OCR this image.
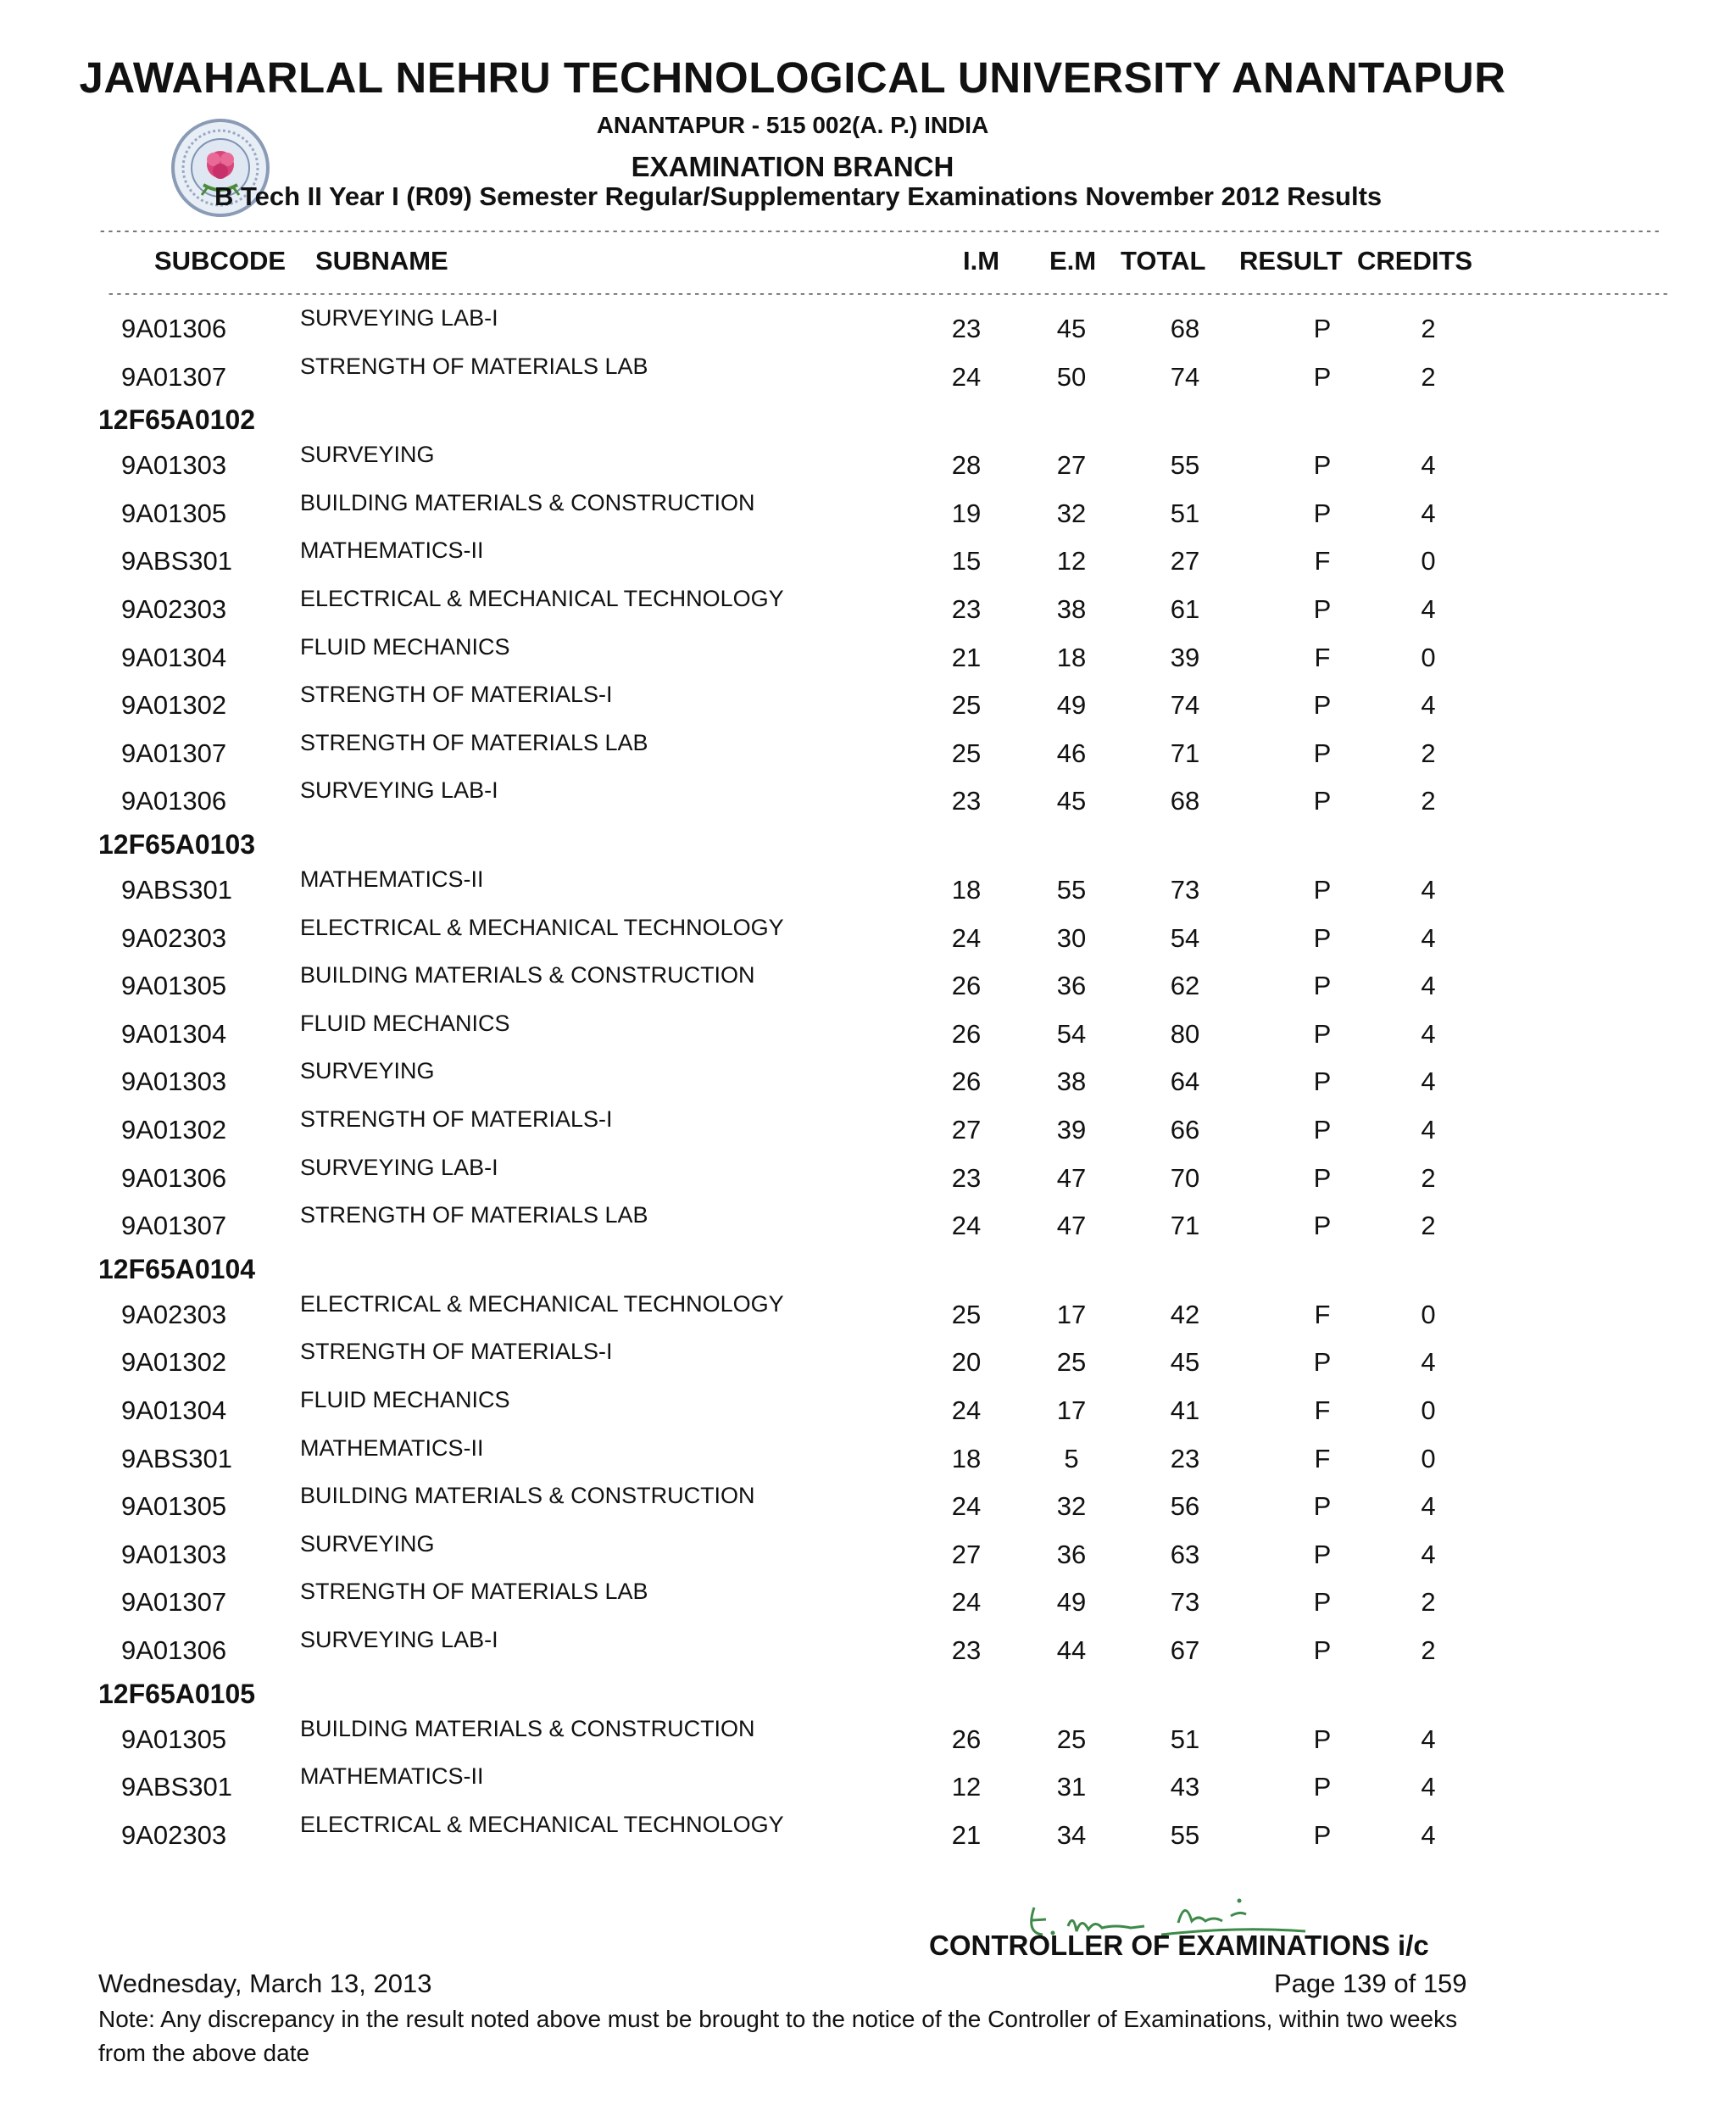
JAWAHARLAL NEHRU TECHNOLOGICAL UNIVERSITY ANANTAPUR
ANANTAPUR - 515 002(A. P.) INDIA
EXAMINATION BRANCH
B Tech II Year I (R09) Semester Regular/Supplementary Examinations November 2012 Results
------------------------------------------------------------------------------------------------------------------------------------------------------------------------------------------------
------------------------------------------------------------------------------------------------------------------------------------------------------------------------------------------------
SUBCODE SUBNAME	I.M E.M TOTAL RESULT CREDITS
9A01306	SURVEYING LAB-I	23	45	68	P	2
9A01307	STRENGTH OF MATERIALS LAB	24	50	74	P	2
12F65A0102
9A01303	SURVEYING	28	27	55	P	4
9A01305	BUILDING MATERIALS & CONSTRUCTION	19	32	51	P	4
9ABS301	MATHEMATICS-II	15	12	27	F	0
9A02303	ELECTRICAL & MECHANICAL TECHNOLOGY	23	38	61	P	4
9A01304	FLUID MECHANICS	21	18	39	F	0
9A01302	STRENGTH OF MATERIALS-I	25	49	74	P	4
9A01307	STRENGTH OF MATERIALS LAB	25	46	71	P	2
9A01306	SURVEYING LAB-I	23	45	68	P	2
12F65A0103
9ABS301	MATHEMATICS-II	18	55	73	P	4
9A02303	ELECTRICAL & MECHANICAL TECHNOLOGY	24	30	54	P	4
9A01305	BUILDING MATERIALS & CONSTRUCTION	26	36	62	P	4
9A01304	FLUID MECHANICS	26	54	80	P	4
9A01303	SURVEYING	26	38	64	P	4
9A01302	STRENGTH OF MATERIALS-I	27	39	66	P	4
9A01306	SURVEYING LAB-I	23	47	70	P	2
9A01307	STRENGTH OF MATERIALS LAB	24	47	71	P	2
12F65A0104
9A02303	ELECTRICAL & MECHANICAL TECHNOLOGY	25	17	42	F	0
9A01302	STRENGTH OF MATERIALS-I	20	25	45	P	4
9A01304	FLUID MECHANICS	24	17	41	F	0
9ABS301	MATHEMATICS-II	18	5	23	F	0
9A01305	BUILDING MATERIALS & CONSTRUCTION	24	32	56	P	4
9A01303	SURVEYING	27	36	63	P	4
9A01307	STRENGTH OF MATERIALS LAB	24	49	73	P	2
9A01306	SURVEYING LAB-I	23	44	67	P	2
12F65A0105
9A01305	BUILDING MATERIALS & CONSTRUCTION	26	25	51	P	4
9ABS301	MATHEMATICS-II	12	31	43	P	4
9A02303	ELECTRICAL & MECHANICAL TECHNOLOGY	21	34	55	P	4
CONTROLLER OF EXAMINATIONS i/c
Wednesday, March 13, 2013	Page 139 of 159
Note: Any discrepancy in the result noted above must be brought to the notice of the Controller of Examinations, within two weeks from the above date
